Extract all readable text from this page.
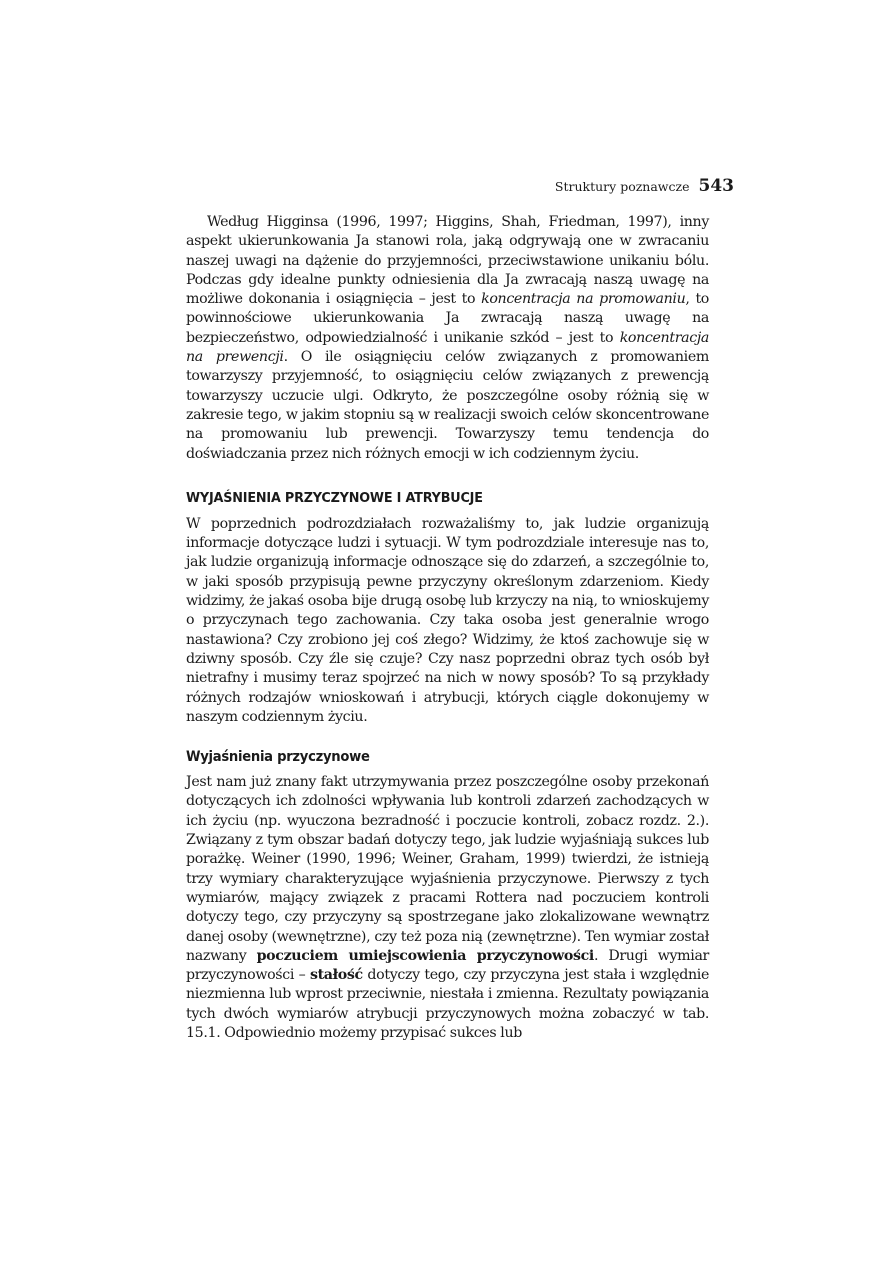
Struktury poznawcze 543

Według Higginsa (1996, 1997; Higgins, Shah, Friedman, 1997), inny aspekt ukierunkowania Ja stanowi rola, jaką odgrywają one w zwracaniu naszej uwagi na dążenie do przyjemności, przeciwstawione unikaniu bólu. Podczas gdy idealne punkty odniesienia dla Ja zwracają naszą uwagę na możliwe dokonania i osiągnięcia – jest to koncentracja na promowaniu, to powinnościowe ukierunkowania Ja zwracają naszą uwagę na bezpieczeństwo, odpowiedzialność i unikanie szkód – jest to koncentracja na prewencji. O ile osiągnięciu celów związanych z promowaniem towarzyszy przyjemność, to osiągnięciu celów związanych z prewencją towarzyszy uczucie ulgi. Odkryto, że poszczególne osoby różnią się w zakresie tego, w jakim stopniu są w realizacji swoich celów skoncentrowane na promowaniu lub prewencji. Towarzyszy temu tendencja do doświadczania przez nich różnych emocji w ich codziennym życiu.

WYJAŚNIENIA PRZYCZYNOWE I ATRYBUCJE

W poprzednich podrozdziałach rozważaliśmy to, jak ludzie organizują informacje dotyczące ludzi i sytuacji. W tym podrozdziale interesuje nas to, jak ludzie organizują informacje odnoszące się do zdarzeń, a szczególnie to, w jaki sposób przypisują pewne przyczyny określonym zdarzeniom. Kiedy widzimy, że jakaś osoba bije drugą osobę lub krzyczy na nią, to wnioskujemy o przyczynach tego zachowania. Czy taka osoba jest generalnie wrogo nastawiona? Czy zrobiono jej coś złego? Widzimy, że ktoś zachowuje się w dziwny sposób. Czy źle się czuje? Czy nasz poprzedni obraz tych osób był nietrafny i musimy teraz spojrzeć na nich w nowy sposób? To są przykłady różnych rodzajów wnioskowań i atrybucji, których ciągle dokonujemy w naszym codziennym życiu.

Wyjaśnienia przyczynowe

Jest nam już znany fakt utrzymywania przez poszczególne osoby przekonań dotyczących ich zdolności wpływania lub kontroli zdarzeń zachodzących w ich życiu (np. wyuczona bezradność i poczucie kontroli, zobacz rozdz. 2.). Związany z tym obszar badań dotyczy tego, jak ludzie wyjaśniają sukces lub porażkę. Weiner (1990, 1996; Weiner, Graham, 1999) twierdzi, że istnieją trzy wymiary charakteryzujące wyjaśnienia przyczynowe. Pierwszy z tych wymiarów, mający związek z pracami Rottera nad poczuciem kontroli dotyczy tego, czy przyczyny są spostrzegane jako zlokalizowane wewnątrz danej osoby (wewnętrzne), czy też poza nią (zewnętrzne). Ten wymiar został nazwany poczuciem umiejscowienia przyczynowości. Drugi wymiar przyczynowości – stałość dotyczy tego, czy przyczyna jest stała i względnie niezmienna lub wprost przeciwnie, niestała i zmienna. Rezultaty powiązania tych dwóch wymiarów atrybucji przyczynowych można zobaczyć w tab. 15.1. Odpowiednio możemy przypisać sukces lub
